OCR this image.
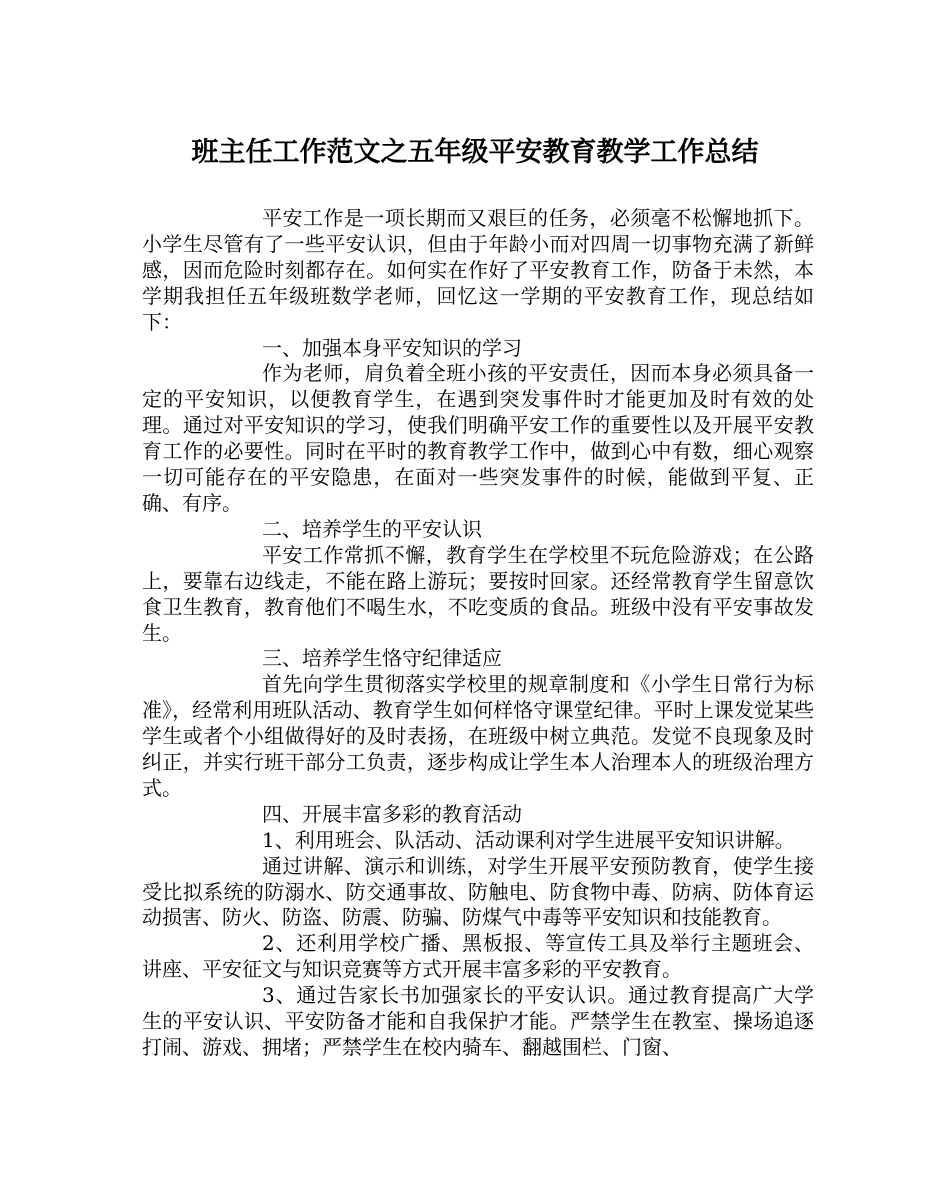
班主任工作范文之五年级平安教育教学工作总结

平安工作是一项长期而又艰巨的任务，必须毫不松懈地抓下。小学生尽管有了一些平安认识，但由于年龄小而对四周一切事物充满了新鲜感，因而危险时刻都存在。如何实在作好了平安教育工作，防备于未然，本学期我担任五年级班数学老师，回忆这一学期的平安教育工作，现总结如下：

一、加强本身平安知识的学习

作为老师，肩负着全班小孩的平安责任，因而本身必须具备一定的平安知识，以便教育学生，在遇到突发事件时才能更加及时有效的处理。通过对平安知识的学习，使我们明确平安工作的重要性以及开展平安教育工作的必要性。同时在平时的教育教学工作中，做到心中有数，细心观察一切可能存在的平安隐患，在面对一些突发事件的时候，能做到平复、正确、有序。

二、培养学生的平安认识

平安工作常抓不懈，教育学生在学校里不玩危险游戏；在公路上，要靠右边线走，不能在路上游玩；要按时回家。还经常教育学生留意饮食卫生教育，教育他们不喝生水，不吃变质的食品。班级中没有平安事故发生。

三、培养学生恪守纪律适应

首先向学生贯彻落实学校里的规章制度和《小学生日常行为标准》，经常利用班队活动、教育学生如何样恪守课堂纪律。平时上课发觉某些学生或者个小组做得好的及时表扬，在班级中树立典范。发觉不良现象及时纠正，并实行班干部分工负责，逐步构成让学生本人治理本人的班级治理方式。

四、开展丰富多彩的教育活动

1、利用班会、队活动、活动课利对学生进展平安知识讲解。

通过讲解、演示和训练，对学生开展平安预防教育，使学生接受比拟系统的防溺水、防交通事故、防触电、防食物中毒、防病、防体育运动损害、防火、防盗、防震、防骗、防煤气中毒等平安知识和技能教育。

2、还利用学校广播、黑板报、等宣传工具及举行主题班会、讲座、平安征文与知识竞赛等方式开展丰富多彩的平安教育。

3、通过告家长书加强家长的平安认识。通过教育提高广大学生的平安认识、平安防备才能和自我保护才能。严禁学生在教室、操场追逐打闹、游戏、拥堵；严禁学生在校内骑车、翻越围栏、门窗、
